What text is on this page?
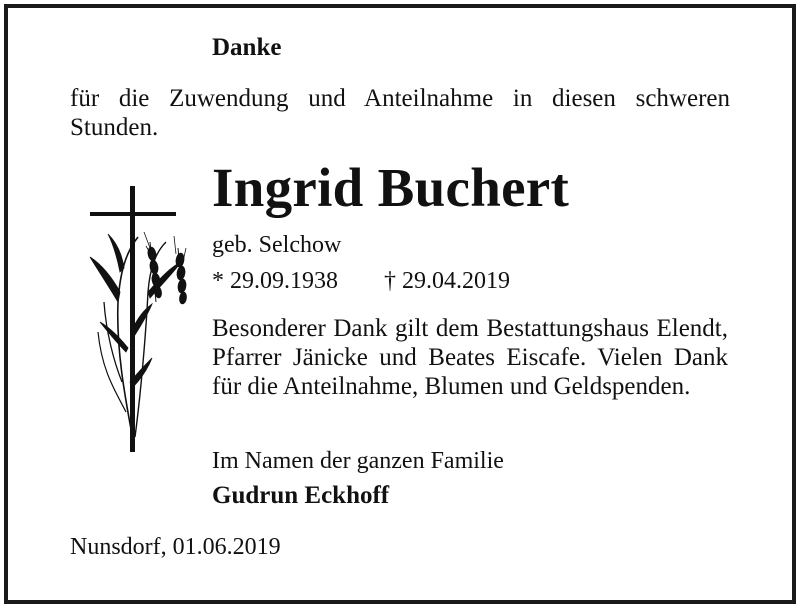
Danke
für die Zuwendung und Anteilnahme in diesen schweren Stunden.
Ingrid Buchert
geb. Selchow
* 29.09.1938 † 29.04.2019
Besonderer Dank gilt dem Bestattungshaus Elendt, Pfarrer Jänicke und Beates Eiscafe. Vielen Dank für die Anteilnahme, Blumen und Geldspenden.
Im Namen der ganzen Familie
Gudrun Eckhoff
Nunsdorf, 01.06.2019
